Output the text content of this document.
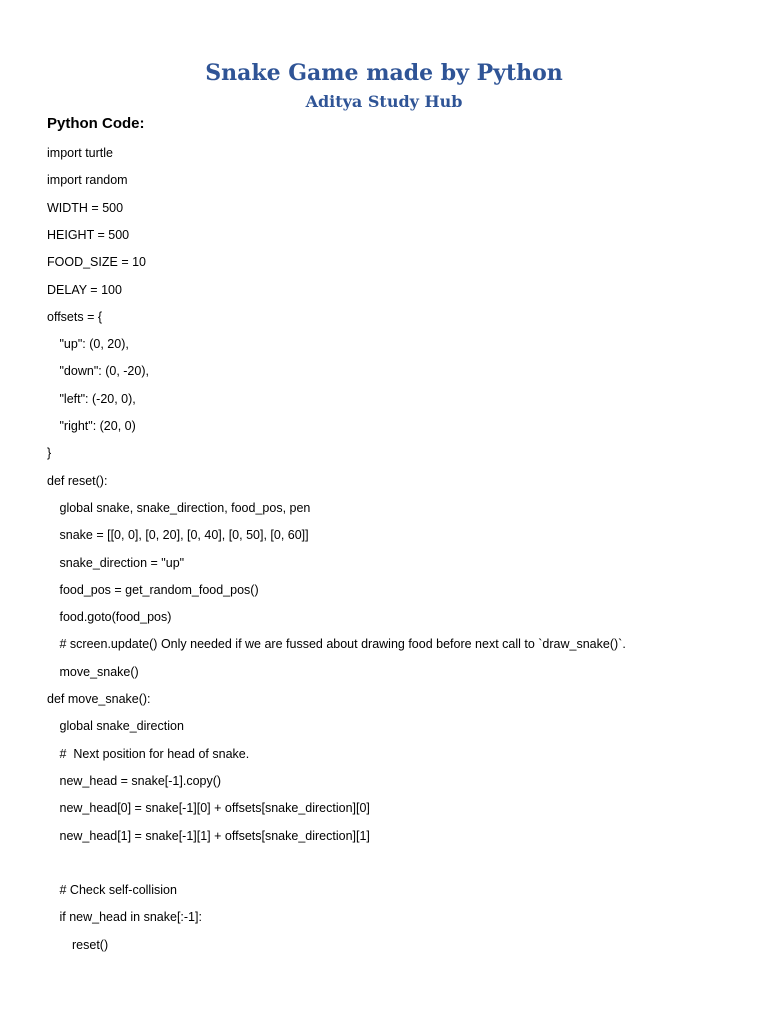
Snake Game made by Python
Aditya Study Hub
Python Code:
import turtle
import random
WIDTH = 500
HEIGHT = 500
FOOD_SIZE = 10
DELAY = 100
offsets = {
"up": (0, 20),
"down": (0, -20),
"left": (-20, 0),
"right": (20, 0)
}
def reset():
global snake, snake_direction, food_pos, pen
snake = [[0, 0], [0, 20], [0, 40], [0, 50], [0, 60]]
snake_direction = "up"
food_pos = get_random_food_pos()
food.goto(food_pos)
# screen.update() Only needed if we are fussed about drawing food before next call to `draw_snake()`.
move_snake()
def move_snake():
global snake_direction
#  Next position for head of snake.
new_head = snake[-1].copy()
new_head[0] = snake[-1][0] + offsets[snake_direction][0]
new_head[1] = snake[-1][1] + offsets[snake_direction][1]
# Check self-collision
if new_head in snake[:-1]:
reset()
